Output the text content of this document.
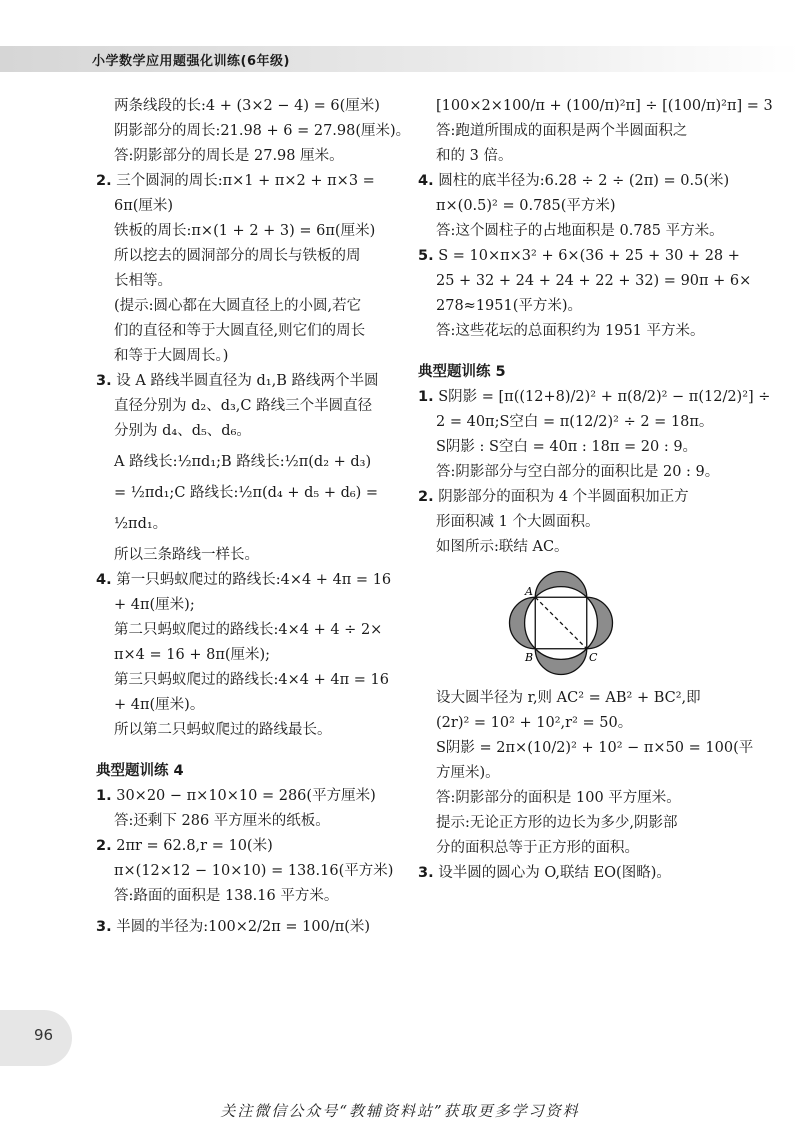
小学数学应用题强化训练(6年级)
两条线段的长:4 + (3×2 − 4) = 6(厘米)
阴影部分的周长:21.98 + 6 = 27.98(厘米)。
答:阴影部分的周长是 27.98 厘米。
2. 三个圆洞的周长:π×1 + π×2 + π×3 =
6π(厘米)
铁板的周长:π×(1 + 2 + 3) = 6π(厘米)
所以挖去的圆洞部分的周长与铁板的周
长相等。
(提示:圆心都在大圆直径上的小圆,若它
们的直径和等于大圆直径,则它们的周长
和等于大圆周长。)
3. 设 A 路线半圆直径为 d₁,B 路线两个半圆
直径分别为 d₂、d₃,C 路线三个半圆直径
分别为 d₄、d₅、d₆。
A 路线长:½πd₁;B 路线长:½π(d₂ + d₃)
= ½πd₁;C 路线长:½π(d₄ + d₅ + d₆) =
½πd₁。
所以三条路线一样长。
4. 第一只蚂蚁爬过的路线长:4×4 + 4π = 16
+ 4π(厘米);
第二只蚂蚁爬过的路线长:4×4 + 4 ÷ 2×
π×4 = 16 + 8π(厘米);
第三只蚂蚁爬过的路线长:4×4 + 4π = 16
+ 4π(厘米)。
所以第二只蚂蚁爬过的路线最长。
典型题训练 4
1. 30×20 − π×10×10 = 286(平方厘米)
答:还剩下 286 平方厘米的纸板。
2. 2πr = 62.8,r = 10(米)
π×(12×12 − 10×10) = 138.16(平方米)
答:路面的面积是 138.16 平方米。
3. 半圆的半径为:100×2/2π = 100/π(米)
[100×2×100/π + (100/π)²π] ÷ [(100/π)²π] = 3
答:跑道所围成的面积是两个半圆面积之
和的 3 倍。
4. 圆柱的底半径为:6.28 ÷ 2 ÷ (2π) = 0.5(米)
π×(0.5)² = 0.785(平方米)
答:这个圆柱子的占地面积是 0.785 平方米。
5. S = 10×π×3² + 6×(36 + 25 + 30 + 28 +
25 + 32 + 24 + 24 + 22 + 32) = 90π + 6×
278≈1951(平方米)。
答:这些花坛的总面积约为 1951 平方米。
典型题训练 5
1. S阴影 = [π((12+8)/2)² + π(8/2)² − π(12/2)²] ÷
2 = 40π;S空白 = π(12/2)² ÷ 2 = 18π。
S阴影 : S空白 = 40π : 18π = 20 : 9。
答:阴影部分与空白部分的面积比是 20 : 9。
2. 阴影部分的面积为 4 个半圆面积加正方
形面积减 1 个大圆面积。
如图所示:联结 AC。
A
B	C
设大圆半径为 r,则 AC² = AB² + BC²,即
(2r)² = 10² + 10²,r² = 50。
S阴影 = 2π×(10/2)² + 10² − π×50 = 100(平
方厘米)。
答:阴影部分的面积是 100 平方厘米。
提示:无论正方形的边长为多少,阴影部
分的面积总等于正方形的面积。
3. 设半圆的圆心为 O,联结 EO(图略)。
96
关注微信公众号“教辅资料站”获取更多学习资料
